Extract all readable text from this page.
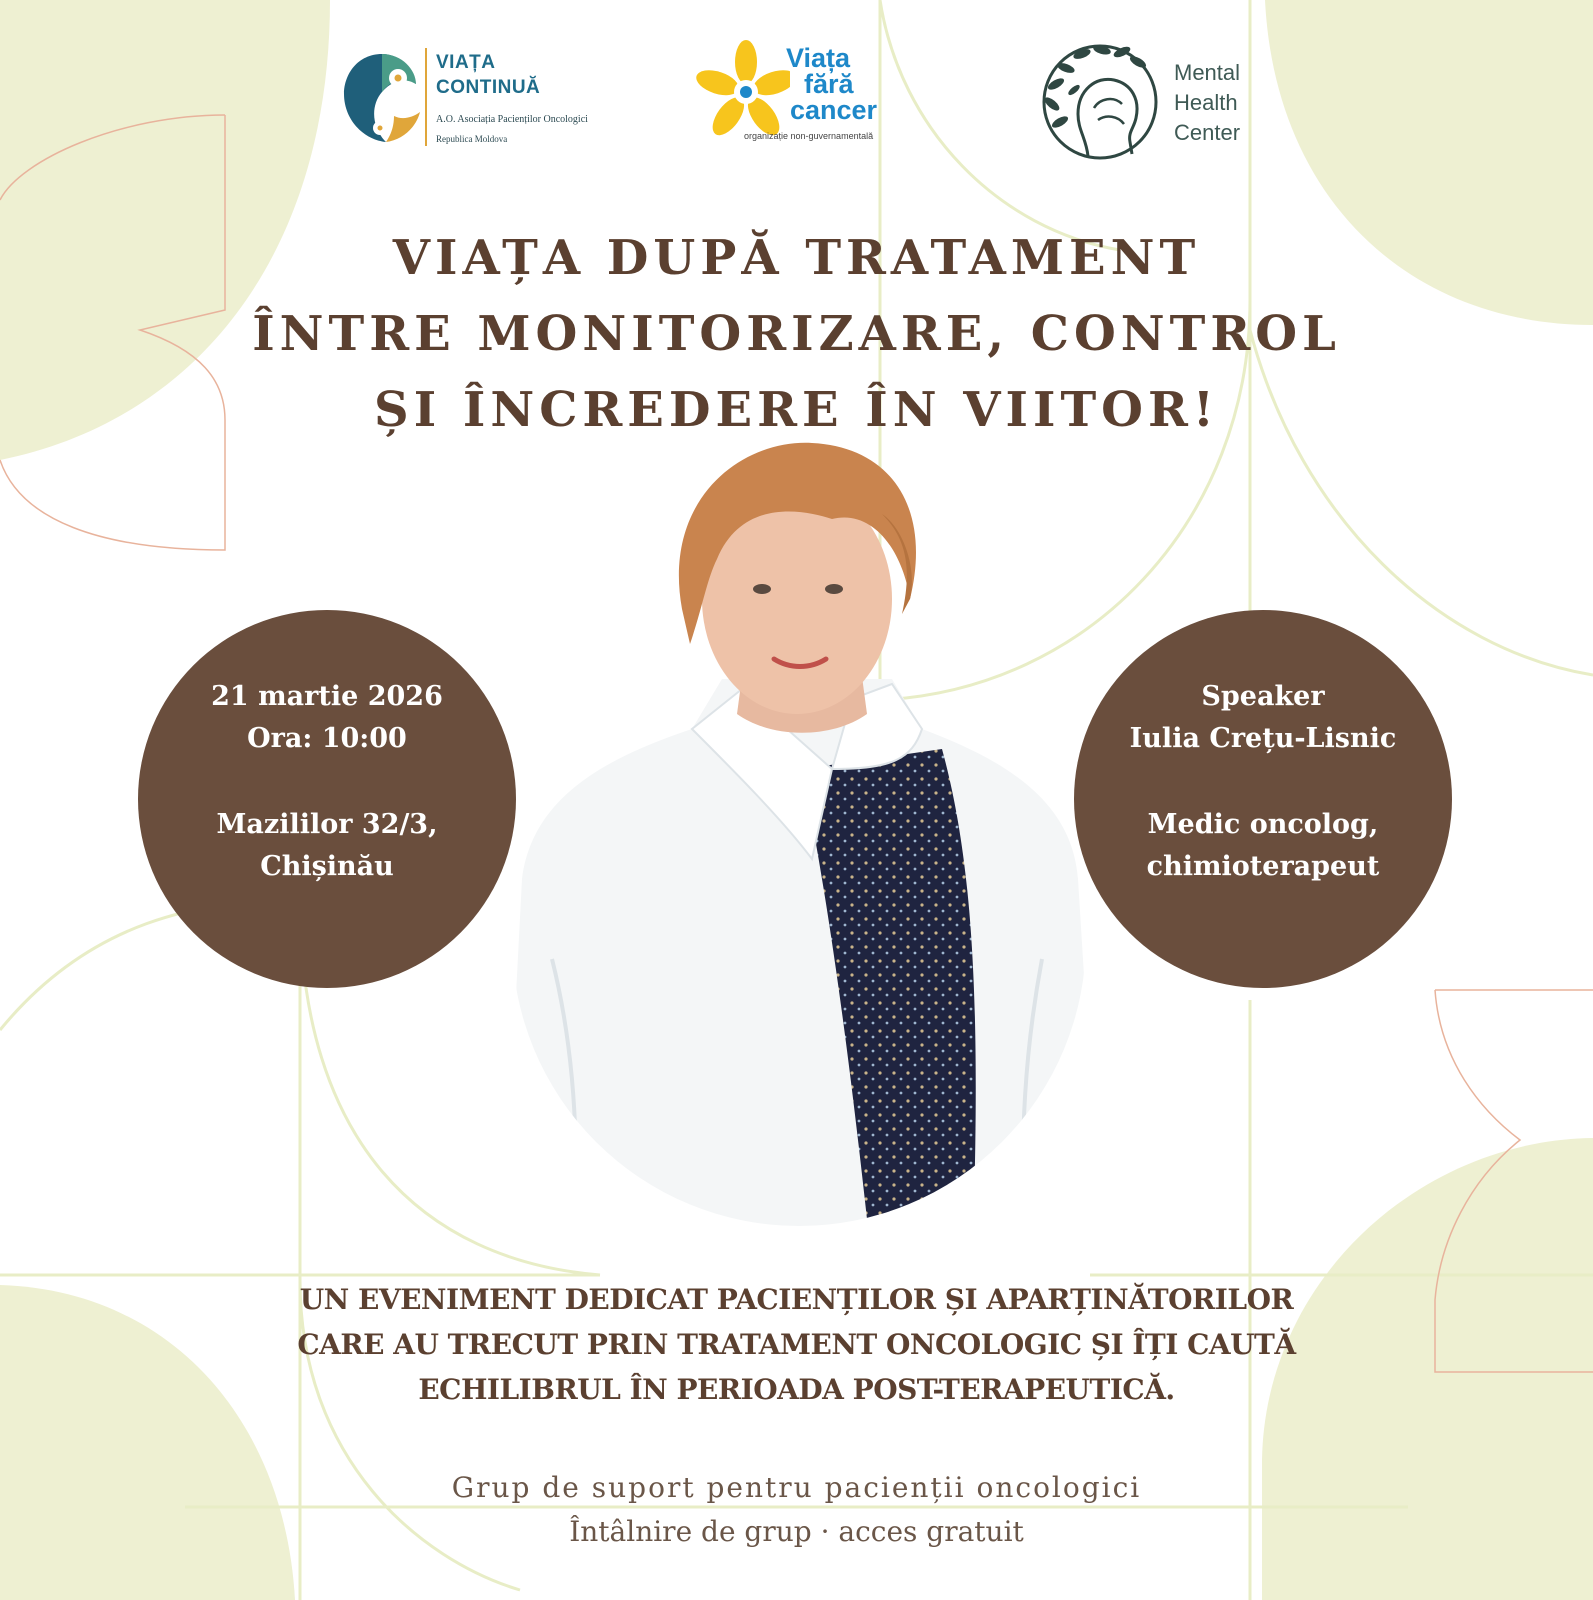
VIAȚA
CONTINUĂ
A.O. Asociația Pacienților Oncologici
Republica Moldova
Viața
fără
cancer
organizație non-guvernamentală
Mental
Health
Center
VIAȚA DUPĂ TRATAMENT
ÎNTRE MONITORIZARE, CONTROL
ȘI ÎNCREDERE ÎN VIITOR!
21 martie 2026
Ora: 10:00
Mazililor 32/3,
Chișinău
Speaker
Iulia Crețu-Lisnic
Medic oncolog,
chimioterapeut
UN EVENIMENT DEDICAT PACIENȚILOR ȘI APARȚINĂTORILOR
CARE AU TRECUT PRIN TRATAMENT ONCOLOGIC ȘI ÎȚI CAUTĂ
ECHILIBRUL ÎN PERIOADA POST-TERAPEUTICĂ.
Grup de suport pentru pacienții oncologici
Întâlnire de grup · acces gratuit
